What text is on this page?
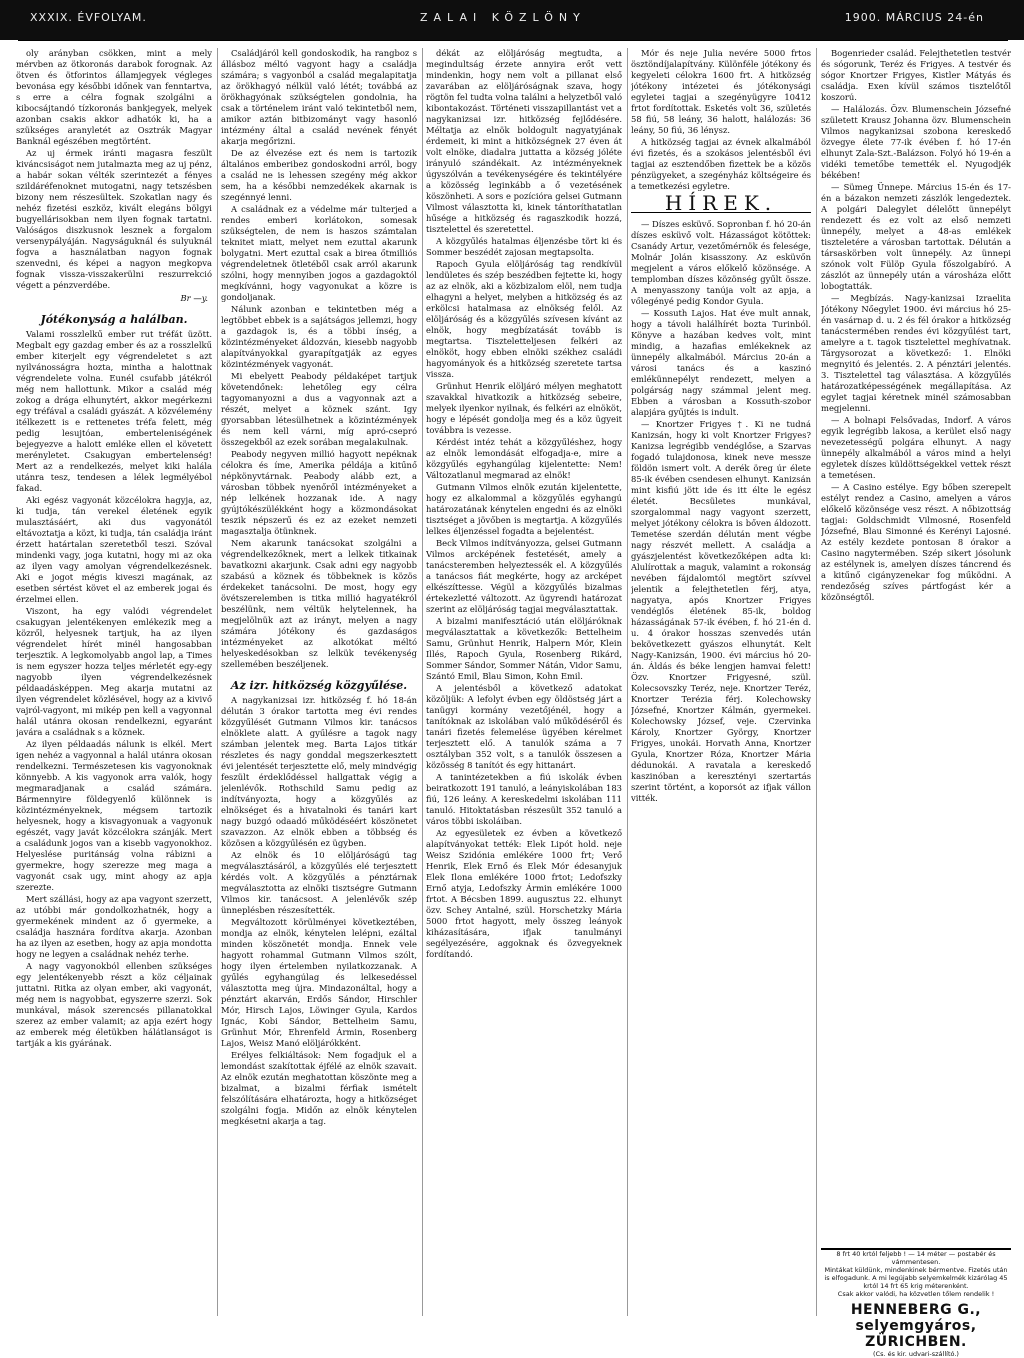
XXXIX. ÉVFOLYAM.	ZALAI KÖZLÖNY	1900. MÁRCIUS 24-én

oly arányban csökken, mint a mely mérvben az ötkoronás darabok forognak. Az ötven és ötforintos államjegyek végleges bevonása egy későbbi időnek van fenntartva, s erre a célra fognak szolgálni a kibocsájtandó tízkoronás bankjegyek, melyek azonban csakis akkor adhatók ki, ha a szükséges aranyletét az Osztrák Magyar Banknál egészében megtörtént.

Az uj érmek iránti magasra feszült kiváncsiságot nem jutalmazta meg az uj pénz, a habár sokan vélték szerintezét a fényes szildáréfenoknet mutogatni, nagy tetszésben bizony nem részesültek. Szokatlan nagy és nehéz fizetési eszköz, kivált elegáns bölgyi bugyellárisokban nem ilyen fognak tartatni. Valóságos diszkusnok lesznek a forgalom versenypályáján. Nagyságuknál és sulyuknál fogva a használatban nagyon fognak szenvedni, és képei a nagyon megkopva fognak vissza-visszakerülni reszurrekció végett a pénzverdébe.

Br —y.
Jótékonyság a halálban.

Valami rosszlelkű ember rut tréfát üzött. Megbalt egy gazdag ember és az a rosszlelkű ember kiterjelt egy végrendeletet s azt nyilvánosságra hozta, mintha a halottnak végrendelete volna. Eunél csufabb játékról még nem hallottunk. Mikor a család még zokog a drága elhunytért, akkor megérkezni egy tréfával a családi gyászát. A közvélemény itélkezett is e rettenetes tréfa felett, még pedig lesujtóan, emberteleniségének bejegyezve a halott emléke ellen el követett merényletet. Csakugyan embertelenség! Mert az a rendelkezés, melyet kiki halála utánra tesz, tendesen a lélek legmélyébol fakad.

Aki egész vagyonát közcélokra hagyja, az, ki tudja, tán verekel életének egyik mulasztásáért, aki dus vagyonától eltávoztatja a közt, ki tudja, tán családja iránt érzett határtalan szeretetből teszi. Szóval mindenki vagy, joga kutatni, hogy mi az oka az ilyen vagy amolyan végrendelkezésnek. Aki e jogot mégis kiveszi magának, az esetben sértést követ el az emberek jogai és érzelmei ellen.

Viszont, ha egy valódi végrendelet csakugyan jelentékenyen emlékezik meg a közről, helyesnek tartjuk, ha az ilyen végrendelet hírét minél hangosabban terjesztik. A legkomolyabb angol lap, a Times is nem egyszer hozza teljes mérletét egy-egy nagyobb ilyen végrendelkezésnek példaadásképpen. Meg akarja mutatni az ilyen végrendelet közlésével, hogy az a kivivő vajról-vagyont, mi mikép pen kell a vagyonnal halál utánra okosan rendelkezni, egyaránt javára a családnak s a köznek.

Az ilyen példaadás nálunk is elkél. Mert igen nehéz a vagyonnal a halál utánra okosan rendelkezni. Természetesen kis vagyonoknak könnyebb. A kis vagyonok arra valók, hogy megmaradjanak a család számára. Bármennyire földegyenlő különnek is közintézményeknek, mégsem tartozik helyesnek, hogy a kisvagyonuak a vagyonuk egészét, vagy javát közcélokra szánják. Mert a családunk jogos van a kisebb vagyonokhoz. Helyeslése puritánság volna rábizni a gyermekre, hogy szerezze meg maga a vagyonát csak ugy, mint ahogy az apja szerezte.

Mert szállási, hogy az apa vagyont szerzett, az utóbbi már gondolkozhatnék, hogy a gyermekének mindent az ő gyermeke, a családja hasznára fordítva akarja. Azonban ha az ilyen az esetben, hogy az apja mondotta hogy ne legyen a családnak nehéz terhe.

A nagy vagyonokból ellenben szükséges egy jelentékenyebb részt a köz céljainak juttatni. Ritka az olyan ember, aki vagyonát, még nem is nagyobbat, egyszerre szerzi. Sok munkával, mások szerencsés pillanatokkal szerez az ember valamit; az apja ezért hogy az emberek még életükben hálátlanságot is tartják a kis gyárának.

Családjáról kell gondoskodik, ha rangboz s állásboz méltó vagyont hagy a családja számára; s vagyonból a család megalapitatja az örökhagyó nélkül való létét; továbbá az örökhagyónak szükségtelen gondolnia, ha csak a történelem iránt való tekintetből nem, amikor aztán bitbizományt vagy hasonló intézmény által a család nevének fényét akarja megőrizni.

De az élvezése ezt és nem is tartozik általános emberibez gondoskodni arról, bogy a család ne is lehessen szegény még akkor sem, ha a későbbi nemzedékek akarnak is szegénnyé lenni.

A családnak ez a védelme már tulterjed a rendes emberi korlátokon, somesak szükségtelen, de nem is haszos számtalan teknitet miatt, melyet nem ezuttal akarunk bolygatni. Mert ezuttal csak a birea őtmilliós végrendeletnek ötletéből csak arról akarunk szólni, hogy mennyiben jogos a gazdagoktól megkívánni, hogy vagyonukat a közre is gondoljanak.

Nálunk azonban e tekintetben még a legtöbbet ebbek is a sajátságos jellemzi, hogy a gazdagok is, és a többi ínség, a közintézményeket áldozván, kiesebb nagyobb alapítványokkal gyarapítgatják az egyes közintézmények vagyonát.

Mi ebelyett Peabody példaképet tartjuk követendőnek: lehetőleg egy célra tagyomanyozni a dus a vagyonnak azt a részét, melyet a köznek szánt. Igy gyorsabban létesülhetnek a közintézmények és nem kell várni, míg apró-csepró összegekből az ezek sorában megalakulnak.

Peabody negyven millió hagyott nepéknak célokra és íme, Amerika példája a kitűnő népkönyvtárnak. Peabody alább ezt, a városban többek nyenőről intézményeket a nép lelkének hozzanak ide. A nagy gyújtókészülékként hogy a közmondásokat teszik népszerű és ez az ezeket nemzeti magasztalja ötünknek.

Nem akarunk tanácsokat szolgálni a végrendelkezőknek, mert a lelkek titkainak bavatkozni akarjunk. Csak adni egy nagyobb szabású a köznek és többeknek is közös érdekeket tanácsolni. De most, hogy egy övétszerelemben is titka millió hagyatékról beszélünk, nem véltük helytelennek, ha megjelölnük azt az irányt, melyen a nagy számára jótékony és gazdaságos intézményeket az alkotókat méltó helyeskedésokban sz lelkük tevékenység szellemében beszéljenek.

Az izr. hitközség közgyűlése.

A nagykanizsai izr. hitközség f. hó 18-án délután 3 órakor tartotta meg évi rendes közgyűlését Gutmann Vilmos kir. tanácsos elnöklete alatt. A gyűlésre a tagok nagy számban jelentek meg. Barta Lajos titkár részletes és nagy gonddal megszerkesztett évi jelentését terjesztette elő, mely mindvégig feszült érdeklődéssel hallgattak végig a jelenlévők. Rothschild Samu pedig az indítványozta, hogy a közgyűlés az elnökséget és a hivatalnoki és tanári kart nagy buzgó odaadó működéséért köszönetet szavazzon. Az elnök ebben a többség és közösen a közgyűlésén ez ügyben.

Az elnök és 10 elöljáróságú tag megválasztásáról, a közgyűlés elé terjesztett kérdés volt. A közgyűlés a pénztárnak megválasztotta az elnöki tisztségre Gutmann Vilmos kir. tanácsost. A jelenlévők szép ünneplésben részesítették.

Megváltozott körülményei következtében, mondja az elnök, kénytelen lelépni, ezáltal minden köszönetét mondja. Ennek vele hagyott rohammal Gutmann Vilmos szólt, hogy ilyen értelemben nyilatkozzanak. A gyűlés egyhangúlag és lelkesedéssel választotta meg újra. Mindazonáltal, hogy a pénztárt akarván, Erdős Sándor, Hirschler Mór, Hirsch Lajos, Löwinger Gyula, Kardos Ignác, Kobi Sándor, Bettelheim Samu, Grünhut Mór, Ehrenfeld Ármin, Rosenberg Lajos, Weisz Manó elöljárókként.

Erélyes felkiáltások: Nem fogadjuk el a lemondást szakítottak éjfélé az elnök szavait. Az elnök ezután meghatottan köszönte meg a bizalmat, a bizalmi férfiak ismételt felszólítására elhatározta, hogy a hitközséget szolgálni fogja. Midőn az elnök kénytelen megkésetni akarja a tag.

dékát az elöljáróság megtudta, a megindultság érzete annyira erőt vett mindenkin, hogy nem volt a pillanat első zavarában az elöljáróságnak szava, hogy rögtön fel tudta volna találni a helyzetből való kibontakozást. Történeti visszapillantást vet a nagykanizsai izr. hitközség fejlődésére. Méltatja az elnök boldogult nagyatyjának érdemeit, ki mint a hitközségnek 27 éven át volt elnöke, diadalra juttatta a község jóléte irányuló szándékait. Az intézményeknek úgyszólván a tevékenységére és tekintélyére a közösség leginkább a ő vezetésének köszönheti. A sors e pozícióra gelsei Gutmann Vilmost választotta ki, kinek tántoríthatatlan hűsége a hitközség és ragaszkodik hozzá, tisztelettel és szeretettel.

A közgyűlés hatalmas éljenzésbe tört ki és Sommer beszédét zajosan megtapsolta.

Rapoch Gyula elöljáróság tag rendkívül lendületes és szép beszédben fejtette ki, hogy az az elnök, aki a közbizalom elöl, nem tudja elhagyni a helyet, melyben a hitközség és az erkölcsi hatalmasa az elnökség felől. Az elöljáróság és a közgyűlés szívesen kívánt az elnök, hogy megbízatását tovább is megtartsa. Tiszteletteljesen felkéri az elnököt, hogy ebben elnöki székhez családi hagyományok és a hitközség szeretete tartsa vissza.

Grünhut Henrik elöljáró mélyen meghatott szavakkal hivatkozik a hitközség sebeire, melyek ilyenkor nyilnak, és felkéri az elnököt, hogy e lépését gondolja meg és a köz ügyeit továbbra is vezesse.

Kérdést intéz tehát a közgyűléshez, hogy az elnök lemondását elfogadja-e, mire a közgyűlés egyhangúlag kijelentette: Nem! Változatlanul megmarad az elnök!

Gutmann Vilmos elnök ezután kijelentette, hogy ez alkalommal a közgyűlés egyhangú határozatának kénytelen engedni és az elnöki tisztséget a jövőben is megtartja. A közgyűlés lelkes éljenzéssel fogadta a bejelentést.

Beck Vilmos indítványozza, gelsei Gutmann Vilmos arcképének festetését, amely a tanácsteremben helyeztessék el. A közgyűlés a tanácsos fiát megkérte, hogy az arcképet elkészíttesse. Végül a közgyűlés bizalmas értekezletté változott. Az ügyrendi határozat szerint az elöljáróság tagjai megválasztattak.

A bizalmi manifesztáció után elöljáróknak megválasztattak a következők: Bettelheim Samu, Grünhut Henrik, Halpern Mór, Klein Illés, Rapoch Gyula, Rosenberg Rikárd, Sommer Sándor, Sommer Nátán, Vidor Samu, Szántó Emil, Blau Simon, Kohn Emil.

A jelentésből a következő adatokat közöljük: A lefolyt évben egy öldöstség járt a tanügyi kormány vezetőjénél, hogy a tanítóknak az iskolában való működéséről és tanári fizetés felemelése ügyében kérelmet terjesztett elő. A tanulók száma a 7 osztályban 352 volt, s a tanulók összesen a közösség 8 tanítót és egy hittanárt.

A tanintézetekben a fiú iskolák évben beiratkozott 191 tanuló, a leányiskolában 183 fiú, 126 leány. A kereskedelmi iskolában 111 tanuló. Hitoktatásban részesült 352 tanuló a város többi iskoláiban.

Az egyesületek ez évben a következő alapítványokat tették: Elek Lipót hold. neje Weisz Szidónia emlékére 1000 frt; Verő Henrik, Elek Ernő és Elek Mór édesanyjuk Elek Ilona emlékére 1000 frtot; Ledofszky Ernő atyja, Ledofszky Ármin emlékére 1000 frtot. A Bécsben 1899. augusztus 22. elhunyt özv. Schey Antalné, szül. Horschetzky Mária 5000 frtot hagyott, mely összeg leányok kiházasítására, ifjak tanulmányi segélyezésére, aggoknak és özvegyeknek fordítandó.

Mór és neje Julia nevére 5000 frtos ösztöndíjalapítvány. Különféle jótékony és kegyeleti célokra 1600 frt. A hitközség jótékony intézetei és jótékonysági egyletei tagjai a szegényügyre 10412 frtot fordítottak. Esketés volt 36, születés 58 fiú, 58 leány, 36 halott, halálozás: 36 leány, 50 fiú, 36 lénysz.

A hitközség tagjai az évnek alkalmából évi fizetés, és a szokásos jelentésből évi tagjai az esztendőben fizettek be a közös pénzügyeket, a szegényház költségeire és a temetkezési egyletre.

HÍREK.

— Díszes esküvő. Sopronban f. hó 20-án díszes esküvő volt. Házasságot kötöttek: Csanády Artur, vezetőmérnök és felesége, Molnár Jolán kisasszony. Az esküvőn megjelent a város előkelő közönsége. A templomban díszes közönség gyűlt össze. A menyasszony tanúja volt az apja, a vőlegényé pedig Kondor Gyula.

— Kossuth Lajos. Hat éve mult annak, hogy a távoli halálhírét bozta Turinból. Könyve a hazában kedves volt, mint mindig, a hazafias emlékeknek az ünnepély alkalmából. Március 20-án a városi tanács és a kaszinó emlékünnepélyt rendezett, melyen a polgárság nagy számmal jelent meg. Ebben a városban a Kossuth-szobor alapjára gyűjtés is indult.

— Knortzer Frigyes †. Ki ne tudná Kanizsán, hogy ki volt Knortzer Frigyes? Kanizsa legrégibb vendéglőse, a Szarvas fogadó tulajdonosa, kinek neve messze földön ismert volt. A derék öreg úr élete 85-ik évében csendesen elhunyt. Kanizsán mint kisfiú jött ide és itt élte le egész életét. Becsületes munkával, szorgalommal nagy vagyont szerzett, melyet jótékony célokra is bőven áldozott. Temetése szerdán délután ment végbe nagy részvét mellett. A családja a gyászjelentést következőképen adta ki: Alulírottak a maguk, valamint a rokonság nevében fájdalomtól megtört szívvel jelentik a felejthetetlen férj, atya, nagyatya, após Knortzer Frigyes vendéglős életének 85-ik, boldog házasságának 57-ik évében, f. hó 21-én d. u. 4 órakor hosszas szenvedés után bekövetkezett gyászos elhunytát. Kelt Nagy-Kanizsán, 1900. évi március hó 20-án. Áldás és béke lengjen hamvai felett! Özv. Knortzer Frigyesné, szül. Kolecsovszky Teréz, neje. Knortzer Teréz, Knortzer Terézia férj. Kolechowsky Józsefné, Knortzer Kálmán, gyermekei. Kolechowsky József, veje. Czervinka Károly, Knortzer György, Knortzer Frigyes, unokái. Horvath Anna, Knortzer Gyula, Knortzer Róza, Knortzer Mária dédunokái. A ravatala a kereskedő kaszinóban a keresztényi szertartás szerint történt, a koporsót az ifjak vállon vitték.

Bogenrieder család. Felejthetetlen testvér és sógorunk, Teréz és Frigyes. A testvér és sógor Knortzer Frigyes, Kistler Mátyás és családja. Exen kívül számos tisztelőtől koszorú.

— Halálozás. Özv. Blumenschein Józsefné született Krausz Johanna özv. Blumenschein Vilmos nagykanizsai szobona kereskedő özvegye élete 77-ik évében f. hó 17-én elhunyt Zala-Szt.-Balázson. Folyó hó 19-én a vidéki temetőbe temették el. Nyugodjék békében!

— Sümeg Ünnepe. Március 15-én és 17-én a bázakon nemzeti zászlók lengedeztek. A polgári Dalegylet délelőtt ünnepélyt rendezett és ez volt az első nemzeti ünnepély, melyet a 48-as emlékek tiszteletére a városban tartottak. Délután a társaskörben volt ünnepély. Az ünnepi szónok volt Fülöp Gyula főszolgabíró. A zászlót az ünnepély után a városháza előtt lobogtatták.

— Megbízás. Nagy-kanizsai Izraelita Jótékony Nőegylet 1900. évi március hó 25-én vasárnap d. u. 2 és fél órakor a hitközség tanácstermében rendes évi közgyűlést tart, amelyre a t. tagok tisztelettel meghívatnak. Tárgysorozat a következő: 1. Elnöki megnyitó és jelentés. 2. A pénztári jelentés. 3. Tisztelettel tag választása. A közgyűlés határozatképességének megállapítása. Az egylet tagjai kéretnek minél számosabban megjelenni.

— A bolnapi Felsővadas, Indorf. A város egyik legrégibb lakosa, a kerület első nagy nevezetességű polgára elhunyt. A nagy ünnepély alkalmából a város mind a helyi egyletek díszes küldöttségekkel vettek részt a temetésen.

— A Casino estélye. Egy bőben szerepelt estélyt rendez a Casino, amelyen a város előkelő közönsége vesz részt. A nőbizottság tagjai: Goldschmidt Vilmosné, Rosenfeld Józsefné, Blau Simonné és Kerényi Lajosné. Az estély kezdete pontosan 8 órakor a Casino nagytermében. Szép sikert jósolunk az estélynek is, amelyen díszes táncrend és a kitűnő cigányzenekar fog működni. A rendezőség szíves pártfogást kér a közönségtől.

8 frt 40 krtól feljebb ! — 14 méter — postabér és vámmentesen.
Mintákat küldünk, mindenkinek bérmentve. Fizetés után is elfogadunk. A mi legújabb selyemkelmék kizárólag 45 krtól 14 frt 65 krig méterenként.
Csak akkor valódi, ha közvetlen tőlem rendelik !
HENNEBERG G., selyemgyáros, ZÜRICHBEN.
(Cs. és kir. udvari-szállító.)
